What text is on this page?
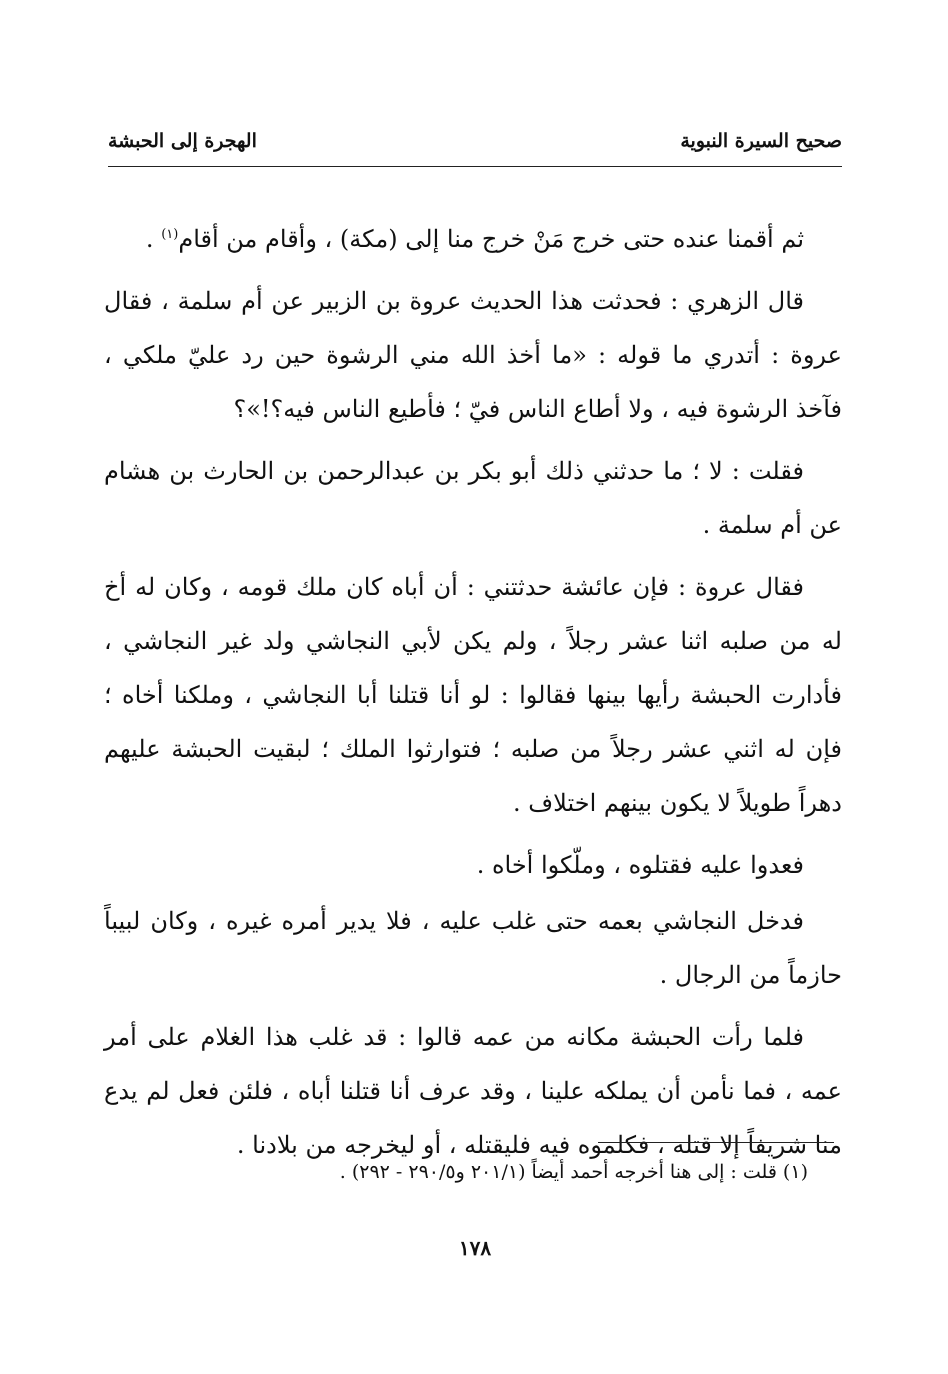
صحيح السيرة النبوية
الهجرة إلى الحبشة

ثم أقمنا عنده حتى خرج مَنْ خرج منا إلى (مكة) ، وأقام من أقام$^{(١)}$ .

قال الزهري : فحدثت هذا الحديث عروة بن الزبير عن أم سلمة ، فقال عروة : أتدري ما قوله : «ما أخذ الله مني الرشوة حين رد عليّ ملكي ، فآخذ الرشوة فيه ، ولا أطاع الناس فيّ ؛ فأطيع الناس فيه؟!»؟

فقلت : لا ؛ ما حدثني ذلك أبو بكر بن عبدالرحمن بن الحارث بن هشام عن أم سلمة .

فقال عروة : فإن عائشة حدثتني : أن أباه كان ملك قومه ، وكان له أخ له من صلبه اثنا عشر رجلاً ، ولم يكن لأبي النجاشي ولد غير النجاشي ، فأدارت الحبشة رأيها بينها فقالوا : لو أنا قتلنا أبا النجاشي ، وملكنا أخاه ؛ فإن له اثني عشر رجلاً من صلبه ؛ فتوارثوا الملك ؛ لبقيت الحبشة عليهم دهراً طويلاً لا يكون بينهم اختلاف .

فعدوا عليه فقتلوه ، وملّكوا أخاه .

فدخل النجاشي بعمه حتى غلب عليه ، فلا يدير أمره غيره ، وكان لبيباً حازماً من الرجال .

فلما رأت الحبشة مكانه من عمه قالوا : قد غلب هذا الغلام على أمر عمه ، فما نأمن أن يملكه علينا ، وقد عرف أنا قتلنا أباه ، فلئن فعل لم يدع منا شريفاً إلا قتله ، فكلموه فيه فليقتله ، أو ليخرجه من بلادنا .

(١) قلت : إلى هنا أخرجه أحمد أيضاً (٢٠١/١ و٢٩٠/٥ - ٢٩٢) .
١٧٨
